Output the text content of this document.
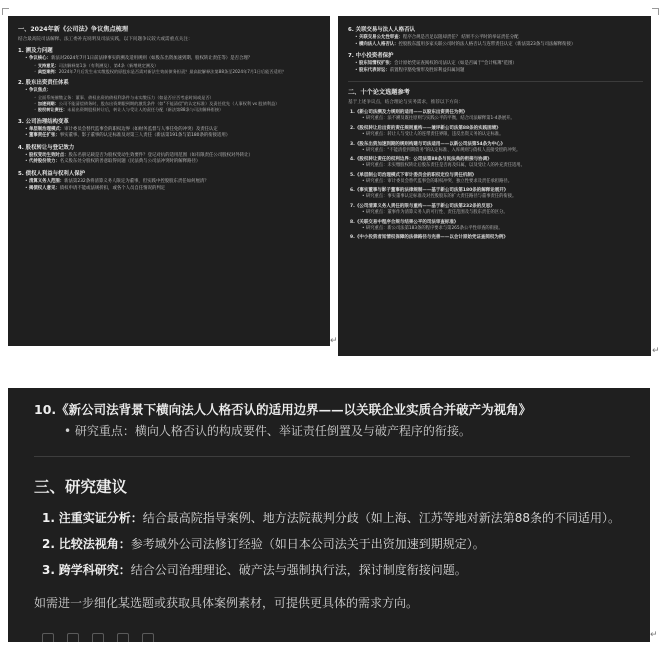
一、2024年新《公司法》争议焦点梳理
结合最高院司法解释、法工委补充说明及司法实践，以下问题争议较大或需重点关注：
1. 溯及力问题
• 争议核心：新法对2024年7月1日前法律事实的溯及适用规则（如股东出资加速到期、股权转让责任等）是否合理？
◦ 支持意见：司法解释第1条（有利溯及）、第4条（新增规定溯及）
◦ 典型案例：2024年7月后发生未实缴股权的原股东是否需对新法生效前债务担责？最高院解释法第88条至2024年7月1日后能否适用？
2. 股东出资责任体系
• 争议焦点：
◦ 全面系统催缴义务：董事、债权出资的债权利条件与未实缴压力（如是否应否考虑时间或是否）
◦ 加速到期：公司不能清偿债务时，股东出资期限到期的激发条件（如"不能清偿"的认定标准）及责任优先（人事权利 vs 股债利益）
◦ 股权转让责任：未届出资期股权转让后，转让人与受让人的责任分配（新法第88条与司法解释衔接）
3. 公司治理结构变革
• 单层制治理模式：审计委员会替代监事会的职权边界（如财务监督与人事任免的冲突）及责任认定
• 董事责任扩张：事实董事、影子董事的认定标准及对第三人责任（新法第191条与第180条的衔接适用）
4. 股权转让与登记效力
• 股权变动生效时点：股东名册记载是否为股权变动生效要件？登记对抗的适用范围（如有限责任公司股权对外转让）
• 代持股份效力：名义股东处分股权的善意取得问题（民法典与公司法冲突时的解释路径）
5. 债权人利益与权利人保护
• 清算义务人范围：新法第232条将清算义务人限定为董事，但实践中控股股东责任如何厘清？
• 揭债权人意见：债权申请不能或法规折扣，或各个人员自任情况的判定
↵
6. 关联交易与法人人格否认
• 关联交易公允性审查：程序合规是否足以阻却责任？ 结果不公平时的举证责任分配
• 横向法人人格否认：控股股东滥用多家关联公司时的法人格否认与连带责任认定（新法第23条与司法解释衔接）
7. 中小投资者保护
• 股东知情权扩张：会计原始凭证查阅权的司法认定（如是否属于"会计账簿"范围）
• 股东代表诉讼：前置程序豁免情形及胜诉利益归属问题
二、十个论文选题参考
基于上述争议点，结合理论与实务需求，推荐以下方向：
1.《新公司法溯及力规则的适用——以股东出资责任为例》
• 研究重点：法不溯及既往原则与实践公平的平衡，结合司法解释第1-4条展开。
2.《股权转让后出资的责任规则重构——兼评新公司法第88条的实践困境》
• 研究重点：转让人与受让人的连带责任界限，违反出资义务的认定标准。
3.《股东出资加速到期的规则构建与司法适用——以新公司法第54条为中心》
• 研究重点："不能清偿到期债务"的认定标准、入库规则与债权人直接受偿的冲突。
4.《股权转让责任的权利边界：公司法第88条与民法典的衔接与协调》
• 研究重点：未实缴股权转让后股东责任是否再及归属，以及受让人的补充责任适用。
5.《单层制公司治理模式下审计委员会的职权定位与责任机制》
• 研究重点：审计委员会替代监事会的职权冲突、独立性要求及责任承担路径。
6.《事实董事与影子董事的法律规制——基于新公司法第180条的解释论展开》
• 研究重点：事实董事认定标准及对控股股东的扩大责任路径与董事责任的衔接。
7.《公司清算义务人责任的限与重构——基于新公司法第232条的反思》
• 研究重点：董事作为清算义务人的可行性、责任范围及与股东责任的区分。
8.《关联交易中程序合规与结果公平的司法审查标准》
• 研究重点：新公司法第183条的程序要求与第265条公平性审查的衔接。
9.《中小投资者知情权保障的法律路径与完善——以会计原始凭证查阅权为例》
↵
10.《新公司法背景下横向法人人格否认的适用边界——以关联企业实质合并破产为视角》
• 研究重点：横向人格否认的构成要件、举证责任倒置及与破产程序的衔接。
三、研究建议
1. 注重实证分析：结合最高院指导案例、地方法院裁判分歧（如上海、江苏等地对新法第88条的不同适用）。
2. 比较法视角：参考域外公司法修订经验（如日本公司法关于出资加速到期规定）。
3. 跨学科研究：结合公司治理理论、破产法与强制执行法，探讨制度衔接问题。
如需进一步细化某选题或获取具体案例素材，可提供更具体的需求方向。
↵
